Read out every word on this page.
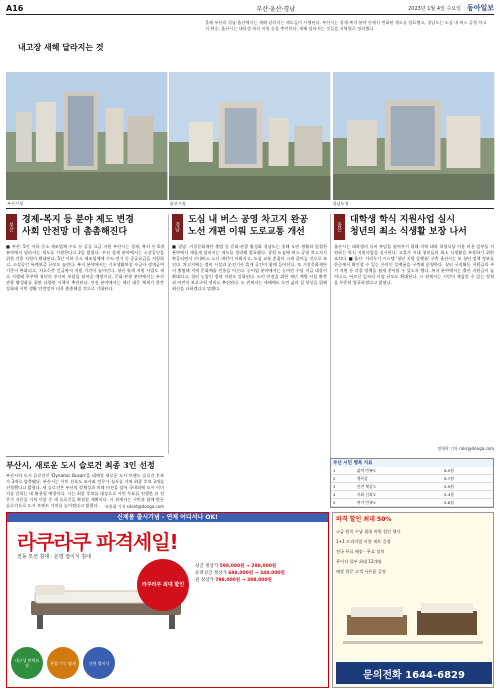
A16	부산·울산·경남	2023년 1월 4일 수요일 동아일보
내고장 새해 달라지는 것
올해 부산과 경남·울산에서는 새해 달라지는 제도들이 시행된다. 부산시는 경제·복지 분야 등에서 변화된 제도를 발표했고, 경남도는 도심 내 버스 공영 차고지 완공, 울산시는 대학생 학식 지원 등을 추진한다. 새해 달라지는 것들을 지역별로 정리했다.
부산시청	울산시청	경남도청
부산
경제-복지 등 분야 제도 변경
사회 안전망 더 촘촘해진다
■ 부산: 5인 이하 중소 제조업체 수도 등 공공 요금 지원 부산시는 경제, 복지 등 6개 분야에서 달라지는 제도를 시행한다고 3일 밝혔다. 우선 경제 분야에서는 소상공인을 위한 각종 지원이 확대된다. 5인 이하 중소 제조업체에 수도·전기 등 공공요금을 지원하고, 소상공인 특례보증 규모도 늘린다. 복지 분야에서는 기초생활보장 수급자 생계급여 기준이 완화되고, 저소득층 긴급복지 지원 기간이 늘어난다. 청년 월세 지원 사업도 새로 시행돼 무주택 청년의 주거비 부담을 덜어줄 예정이다. 문화·관광 분야에서는 부산 관광 활성화를 위한 다양한 시책이 추진된다. 안전 분야에서는 재난 대응 체계가 한층 강화돼 시민 생활 안전망이 더욱 촘촘해질 것으로 기대된다.
경남
도심 내 버스 공영 차고지 완공
노선 개편 이뤄 도로교통 개선
■ 경남: 거창문화재단 출범 등 문화·관광 활성화 경남도는 올해 도민 생활과 밀접한 분야에서 새롭게 달라지는 제도를 정리해 발표했다. 창원 도심에 버스 공영 차고지가 완공되면서 시내버스 노선 개편이 이뤄지고, 도심 교통 혼잡이 크게 줄어들 것으로 보인다. 차고지에는 정비 시설과 운전기사 휴게 공간이 함께 들어선다. 또 거창문화재단이 출범해 지역 문화예술 진흥을 이끈다. 농어업 분야에서는 농어민 수당 지급 대상이 확대되고, 청년 농업인 정착 지원도 강화된다. 도민 안전을 위한 재난 예방 시설 확충과 어린이 보호구역 정비도 추진된다. 도 관계자는 새해에도 도민 삶의 질 향상을 위해 최선을 다하겠다고 말했다.
울산
대학생 학식 지원사업 실시
청년의 최소 식생활 보장 나서
울산시는 대학생의 식비 부담을 덜어주기 위해 지역 대학 학생식당 이용 비용 일부를 지원하는 학식 지원사업을 실시한다. 고물가 시대 청년들의 최소 식생활을 보장하기 위한 조치다. ■ 울산: 거리두기 시스템 '청년 지원 플랫폼' 구축 울산시는 또 청년 정책 정보를 한곳에서 확인할 수 있는 온라인 플랫폼을 구축해 운영한다. 청년 구직활동 지원금과 주거 지원 등 각종 정책을 쉽게 찾아볼 수 있도록 했다. 복지 분야에서는 출산 지원금이 늘어나고, 어르신 일자리 사업 규모도 확대된다. 시 관계자는 시민이 체감할 수 있는 정책을 꾸준히 발굴하겠다고 밝혔다.
정재락 기자 raks@donga.com
부산시, 새로운 도시 슬로건 최종 3인 선정
부산시의 도시 슬로건인 'Dynamic Busan'을 대체할 새로운 도시 브랜드 슬로건 후보가 3개로 압축됐다. 부산시는 시민 선호도 조사와 전문가 심사를 거쳐 최종 후보 3개를 선정했다고 밝혔다. 새 슬로건은 부산의 정체성과 미래 비전을 담아 국내외에 도시 이미지를 알리는 데 활용될 예정이다. 시는 최종 후보를 대상으로 시민 투표를 진행한 뒤 전문가 자문을 거쳐 이달 중 새 슬로건을 확정할 계획이다. 시 관계자는 시민과 함께 만든 슬로건으로 도시 브랜드 가치를 높이겠다고 밝혔다.	조용휘 기자 silent@donga.com
부산 시민 행복 지표
1	삶의 만족도	6.5점
2	행복감	6.7점
3	안전 체감도	5.9점
4	사회 신뢰도	5.4점
5	여가 만족도	5.8점
신제품 출시기념 - 연제 어디서나 OK!
라쿠라쿠 파격세일!
전동 모션 침대 · 온열 접이식 침대
라쿠라쿠 최대 할인
내구성 완벽보장	온열 기능 탑재	간편 접이식
싱글 정상가 598,000원 → 298,000원
슈퍼싱글 정상가 698,000원 → 348,000원
퀸 정상가 798,000원 → 398,000원
파격 할인 최대 50%
고급 원목 수납 침대 특별 할인 행사
1+1 프리미엄 이불 세트 증정
전국 무료 배송 · 무료 설치
무이자 할부 최대 12개월
매장 방문 고객 사은품 증정
문의전화 1644-6829
